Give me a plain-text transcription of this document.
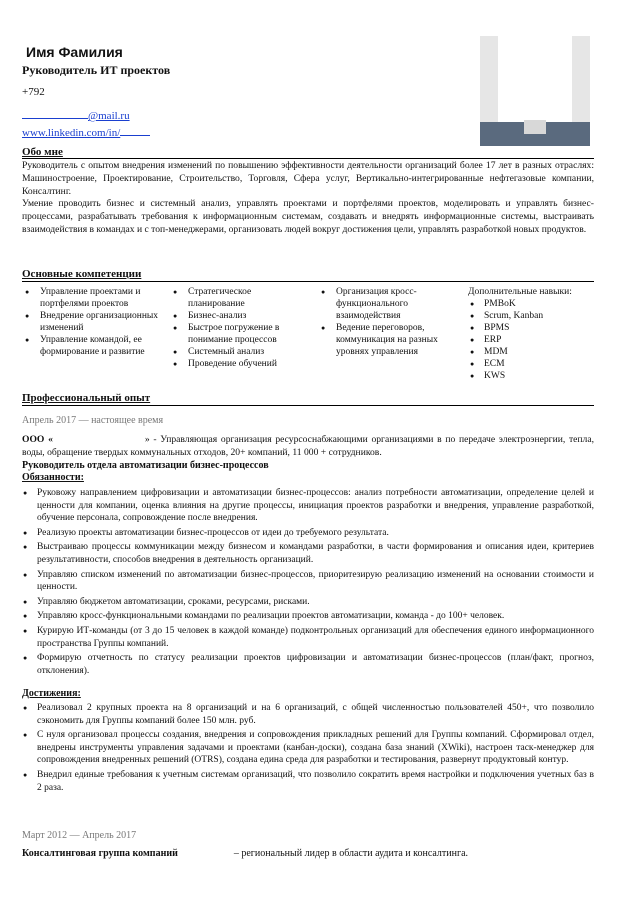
Имя Фамилия
Руководитель ИТ проектов
+792
@mail.ru
www.linkedin.com/in/
Обо мне

Руководитель с опытом внедрения изменений по повышению эффективности деятельности организаций более 17 лет в разных отраслях: Машиностроение, Проектирование, Строительство, Торговля, Сфера услуг, Вертикально-интегрированные нефтегазовые компании, Консалтинг.

Умение проводить бизнес и системный анализ, управлять проектами и портфелями проектов, моделировать и управлять бизнес-процессами, разрабатывать требования к информационным системам, создавать и внедрять информационные системы, выстраивать взаимодействия в командах и с топ-менеджерами, организовать людей вокруг достижения цели, управлять разработкой новых продуктов.

Основные компетенции
● Управление проектами и портфелями проектов
● Внедрение организационных изменений
● Управление командой, ее формирование и развитие
● Стратегическое планирование
● Бизнес-анализ
● Быстрое погружение в понимание процессов
● Системный анализ
● Проведение обучений
● Организация кросс-функционального взаимодействия
● Ведение переговоров, коммуникация на разных уровнях управления
Дополнительные навыки:
● PMBoK
● Scrum, Kanban
● BPMS
● ERP
● MDM
● ECM
● KWS
Профессиональный опыт
Апрель 2017 — настоящее время
ООО «	» - Управляющая организация ресурсоснабжающими организациями в по передаче электроэнергии, тепла, воды, обращение твердых коммунальных отходов, 20+ компаний, 11 000 + сотрудников.
Руководитель отдела автоматизации бизнес-процессов
Обязанности:
● Руковожу направлением цифровизации и автоматизации бизнес-процессов: анализ потребности автоматизации, определение целей и ценности для компании, оценка влияния на другие процессы, инициация проектов разработки и внедрения, управление разработкой, обучение персонала, сопровождение после внедрения.
● Реализую проекты автоматизации бизнес-процессов от идеи до требуемого результата.
● Выстраиваю процессы коммуникации между бизнесом и командами разработки, в части формирования и описания идеи, критериев результативности, способов внедрения в деятельность организаций.
● Управляю списком изменений по автоматизации бизнес-процессов, приоритезирую реализацию изменений на основании стоимости и ценности.
● Управляю бюджетом автоматизации, сроками, ресурсами, рисками.
● Управляю кросс-функциональными командами по реализации проектов автоматизации, команда - до 100+ человек.
● Курирую ИТ-команды (от 3 до 15 человек в каждой команде) подконтрольных организаций для обеспечения единого информационного пространства Группы компаний.
● Формирую отчетность по статусу реализации проектов цифровизации и автоматизации бизнес-процессов (план/факт, прогноз, отклонения).
Достижения:
● Реализовал 2 крупных проекта на 8 организаций и на 6 организаций, с общей численностью пользователей 450+, что позволило сэкономить для Группы компаний более 150 млн. руб.
● С нуля организовал процессы создания, внедрения и сопровождения прикладных решений для Группы компаний. Сформировал отдел, внедрены инструменты управления задачами и проектами (канбан-доски), создана база знаний (XWiki), настроен таск-менеджер для сопровождения внедренных решений (OTRS), создана едина среда для разработки и тестирования, развернут продуктовый контур.
● Внедрил единые требования к учетным системам организаций, что позволило сократить время настройки и подключения учетных баз в 2 раза.
Март 2012 — Апрель 2017
Консалтинговая группа компаний	– региональный лидер в области аудита и консалтинга.
